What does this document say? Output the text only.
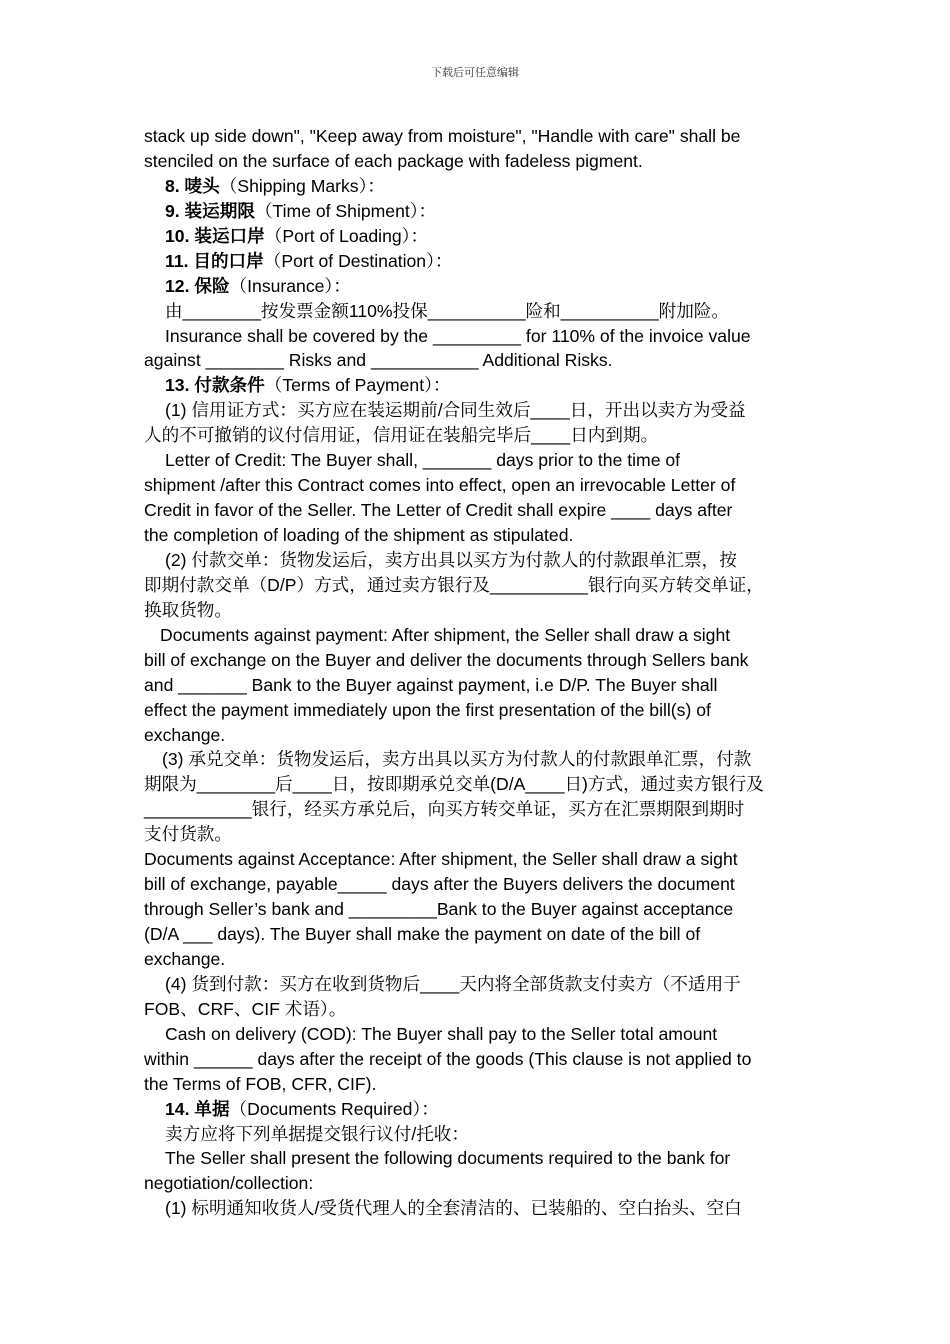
下载后可任意编辑
stack up side down", "Keep away from moisture", "Handle with care" shall be
stenciled on the surface of each package with fadeless pigment.
8. 唛头（Shipping Marks）：
9. 装运期限（Time of Shipment）：
10. 装运口岸（Port of Loading）：
11. 目的口岸（Port of Destination）：
12. 保险（Insurance）：
由________按发票金额110%投保__________险和__________附加险。
Insurance shall be covered by the _________ for 110% of the invoice value
against ________ Risks and ___________ Additional Risks.
13. 付款条件（Terms of Payment）：
(1) 信用证方式：买方应在装运期前/合同生效后____日，开出以卖方为受益
人的不可撤销的议付信用证，信用证在装船完毕后____日内到期。
Letter of Credit: The Buyer shall, _______ days prior to the time of
shipment /after this Contract comes into effect, open an irrevocable Letter of
Credit in favor of the Seller. The Letter of Credit shall expire ____ days after
the completion of loading of the shipment as stipulated.
(2) 付款交单：货物发运后，卖方出具以买方为付款人的付款跟单汇票，按
即期付款交单（D/P）方式，通过卖方银行及__________银行向买方转交单证，
换取货物。
Documents against payment: After shipment, the Seller shall draw a sight
bill of exchange on the Buyer and deliver the documents through Sellers bank
and _______ Bank to the Buyer against payment, i.e D/P. The Buyer shall
effect the payment immediately upon the first presentation of the bill(s) of
exchange.
(3) 承兑交单：货物发运后，卖方出具以买方为付款人的付款跟单汇票，付款
期限为________后____日，按即期承兑交单(D/A____日)方式，通过卖方银行及
___________银行，经买方承兑后，向买方转交单证，买方在汇票期限到期时
支付货款。
Documents against Acceptance: After shipment, the Seller shall draw a sight
bill of exchange, payable_____ days after the Buyers delivers the document
through Seller’s bank and _________Bank to the Buyer against acceptance
(D/A ___ days). The Buyer shall make the payment on date of the bill of
exchange.
(4) 货到付款：买方在收到货物后____天内将全部货款支付卖方（不适用于
FOB、CRF、CIF 术语）。
Cash on delivery (COD): The Buyer shall pay to the Seller total amount
within ______ days after the receipt of the goods (This clause is not applied to
the Terms of FOB, CFR, CIF).
14. 单据（Documents Required）：
卖方应将下列单据提交银行议付/托收：
The Seller shall present the following documents required to the bank for
negotiation/collection:
(1) 标明通知收货人/受货代理人的全套清洁的、已装船的、空白抬头、空白
